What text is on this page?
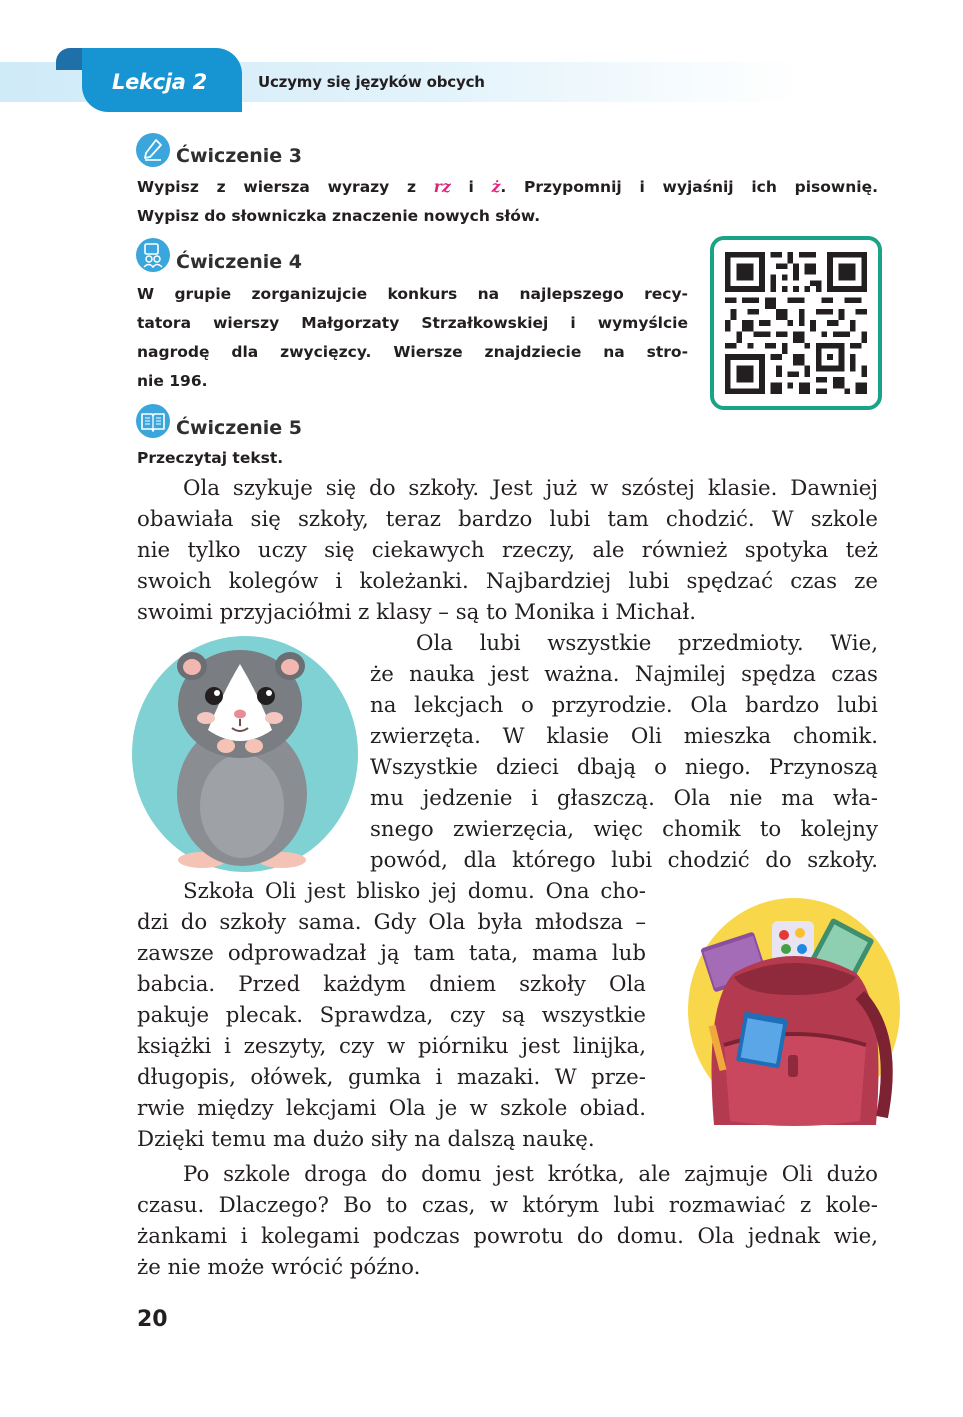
Lekcja 2	Uczymy się języków obcych
Ćwiczenie 3
Wypisz z wiersza wyrazy z rz i ż. Przypomnij i wyjaśnij ich pisownię.
Wypisz do słowniczka znaczenie nowych słów.
Ćwiczenie 4
W grupie zorganizujcie konkurs na najlepszego recy-
tatora wierszy Małgorzaty Strzałkowskiej i wymyślcie
nagrodę dla zwycięzcy. Wiersze znajdziecie na stro-
nie 196.
Ćwiczenie 5
Przeczytaj tekst.
Ola szykuje się do szkoły. Jest już w szóstej klasie. Dawniej
obawiała się szkoły, teraz bardzo lubi tam chodzić. W szkole
nie tylko uczy się ciekawych rzeczy, ale również spotyka też
swoich kolegów i koleżanki. Najbardziej lubi spędzać czas ze
swoimi przyjaciółmi z klasy – są to Monika i Michał.
Ola lubi wszystkie przedmioty. Wie,
że nauka jest ważna. Najmilej spędza czas
na lekcjach o przyrodzie. Ola bardzo lubi
zwierzęta. W klasie Oli mieszka chomik.
Wszystkie dzieci dbają o niego. Przynoszą
mu jedzenie i głaszczą. Ola nie ma wła-
snego zwierzęcia, więc chomik to kolejny
powód, dla którego lubi chodzić do szkoły.
Szkoła Oli jest blisko jej domu. Ona cho-
dzi do szkoły sama. Gdy Ola była młodsza –
zawsze odprowadzał ją tam tata, mama lub
babcia. Przed każdym dniem szkoły Ola
pakuje plecak. Sprawdza, czy są wszystkie
książki i zeszyty, czy w piórniku jest linijka,
długopis, ołówek, gumka i mazaki. W prze-
rwie między lekcjami Ola je w szkole obiad.
Dzięki temu ma dużo siły na dalszą naukę.
Po szkole droga do domu jest krótka, ale zajmuje Oli dużo
czasu. Dlaczego? Bo to czas, w którym lubi rozmawiać z kole-
żankami i kolegami podczas powrotu do domu. Ola jednak wie,
że nie może wrócić późno.
20
